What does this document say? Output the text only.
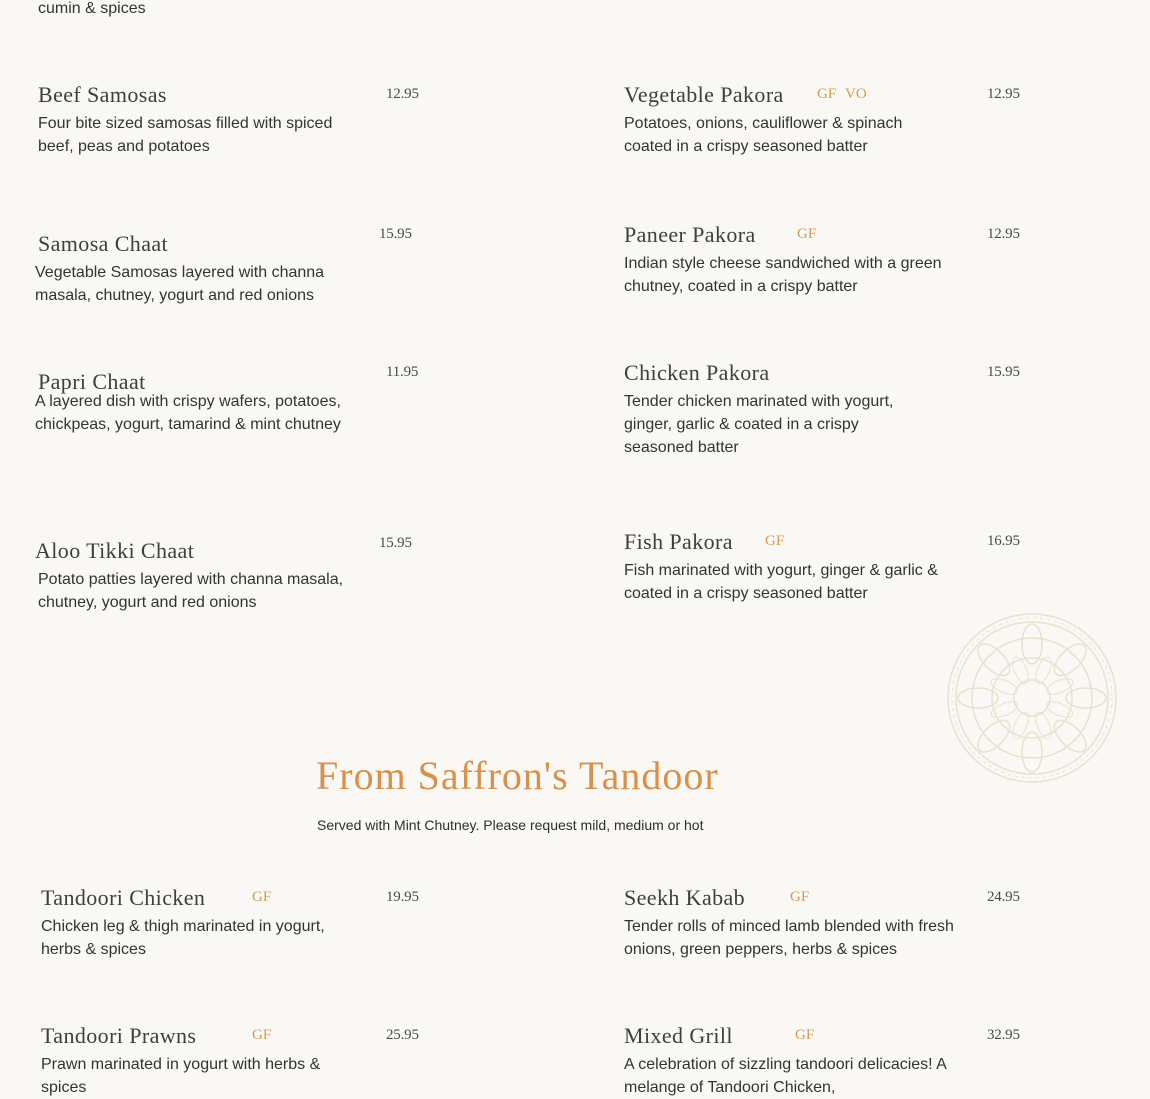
cumin & spices
Beef Samosas	12.95
Four bite sized samosas filled with spiced beef, peas and potatoes
Vegetable Pakora GF VO	12.95
Potatoes, onions, cauliflower & spinach coated in a crispy seasoned batter
Samosa Chaat	15.95
Vegetable Samosas layered with channa masala, chutney, yogurt and red onions
Paneer Pakora	GF	12.95
Indian style cheese sandwiched with a green chutney, coated in a crispy batter
Papri Chaat	11.95
A layered dish with crispy wafers, potatoes, chickpeas, yogurt, tamarind & mint chutney
Chicken Pakora	15.95
Tender chicken marinated with yogurt, ginger, garlic & coated in a crispy seasoned batter
Aloo Tikki Chaat	15.95
Potato patties layered with channa masala, chutney, yogurt and red onions
Fish Pakora GF	16.95
Fish marinated with yogurt, ginger & garlic & coated in a crispy seasoned batter
From Saffron's Tandoor
Served with Mint Chutney. Please request mild, medium or hot
Tandoori Chicken	GF	19.95
Chicken leg & thigh marinated in yogurt, herbs & spices
Seekh Kabab	GF	24.95
Tender rolls of minced lamb blended with fresh onions, green peppers, herbs & spices
Tandoori Prawns	GF	25.95
Prawn marinated in yogurt with herbs & spices
Mixed Grill	GF	32.95
A celebration of sizzling tandoori delicacies! A melange of Tandoori Chicken,
